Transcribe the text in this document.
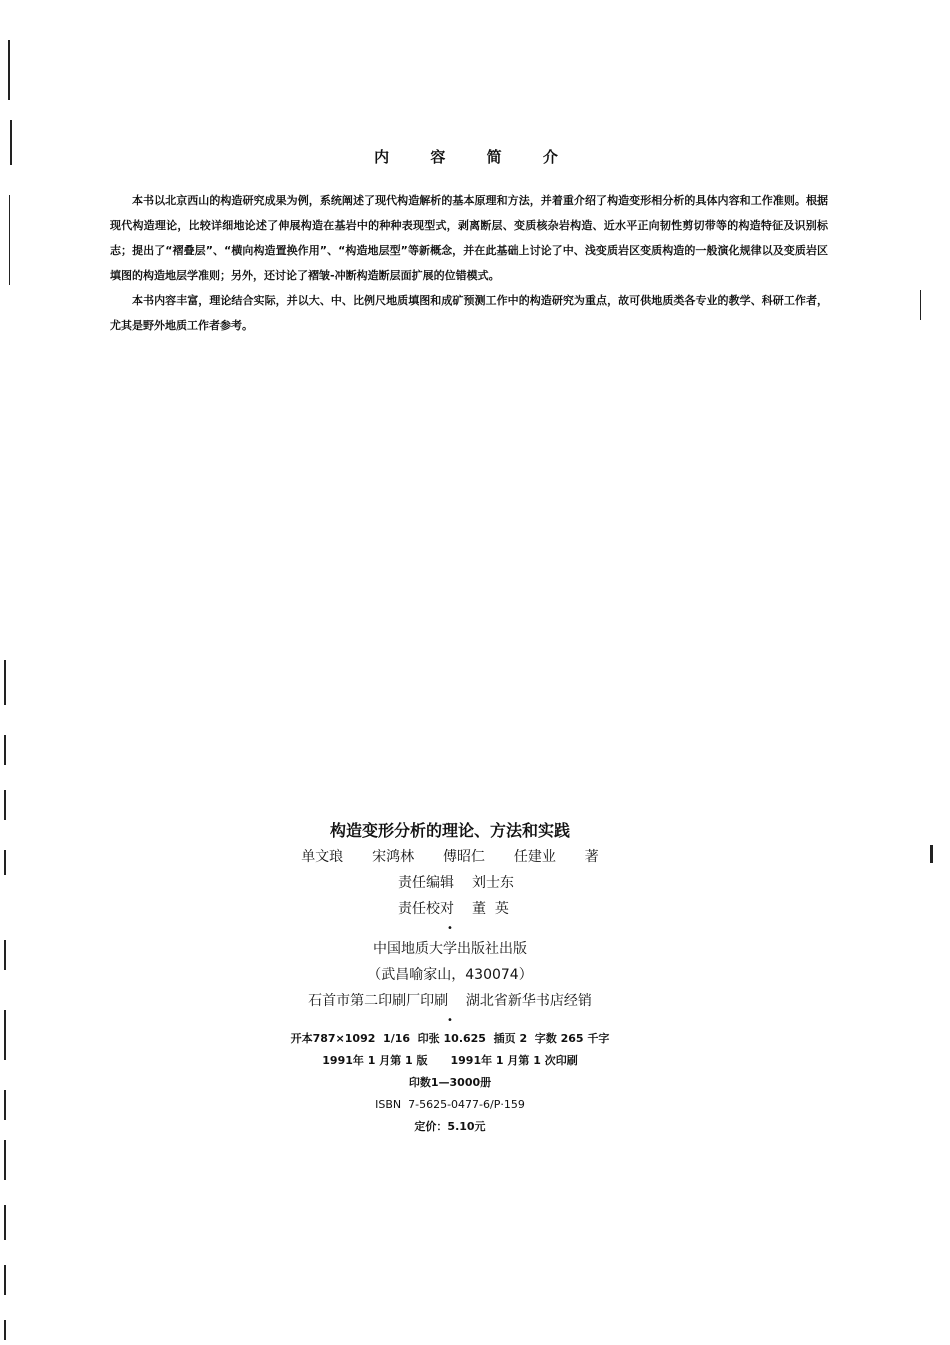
内 容 简 介

本书以北京西山的构造研究成果为例，系统阐述了现代构造解析的基本原理和方法，并着重介绍了构造变形相分析的具体内容和工作准则。根据现代构造理论，比较详细地论述了伸展构造在基岩中的种种表现型式，剥离断层、变质核杂岩构造、近水平正向韧性剪切带等的构造特征及识别标志；提出了“褶叠层”、“横向构造置换作用”、“构造地层型”等新概念，并在此基础上讨论了中、浅变质岩区变质构造的一般演化规律以及变质岩区填图的构造地层学准则；另外，还讨论了褶皱-冲断构造断层面扩展的位错模式。

本书内容丰富，理论结合实际，并以大、中、比例尺地质填图和成矿预测工作中的构造研究为重点，故可供地质类各专业的教学、科研工作者，尤其是野外地质工作者参考。

构造变形分析的理论、方法和实践
单文琅  宋鸿林  傅昭仁  任建业  著
责任编辑 刘士东
责任校对 董  英
•
中国地质大学出版社出版
（武昌喻家山，430074）
石首市第二印刷厂印刷    湖北省新华书店经销
•
开本787×1092  1/16  印张 10.625  插页 2  字数 265 千字
1991年 1 月第 1 版      1991年 1 月第 1 次印刷
印数1—3000册
ISBN  7-5625-0477-6/P·159
定价：5.10元
